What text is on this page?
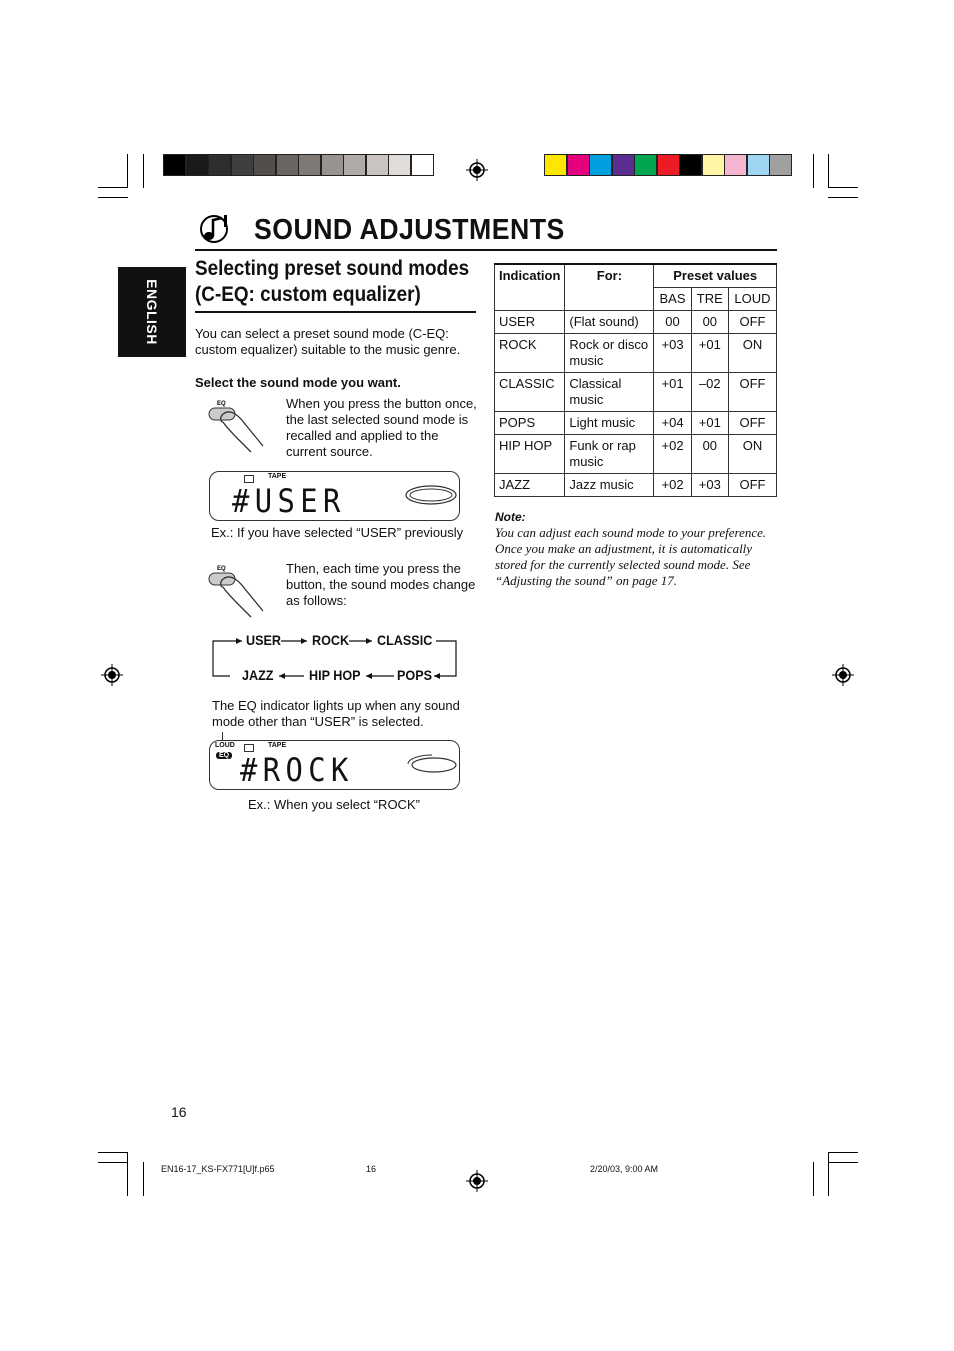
SOUND ADJUSTMENTS
ENGLISH
Selecting preset sound modes
(C-EQ: custom equalizer)
You can select a preset sound mode (C-EQ:
custom equalizer) suitable to the music genre.
Select the sound mode you want.
EQ	When you press the button once,
the last selected sound mode is
recalled and applied to the
current source.
TAPE
#USER
Ex.: If you have selected “USER” previously
EQ	Then, each time you press the
button, the sound modes change
as follows:
USER ROCK CLASSIC
JAZZ	HIP HOP	POPS
The EQ indicator lights up when any sound
mode other than “USER” is selected.
LOUD
EQ
TAPE
#ROCK
Ex.: When you select “ROCK”
Indication	For:	Preset values		
		BAS	TRE	LOUD
USER	(Flat sound)	00	00	OFF
ROCK	Rock or disco music	+03	+01	ON
CLASSIC	Classical music	+01	–02	OFF
POPS	Light music	+04	+01	OFF
HIP HOP	Funk or rap music	+02	00	ON
JAZZ	Jazz music	+02	+03	OFF
Note:
You can adjust each sound mode to your preference.
Once you make an adjustment, it is automatically
stored for the currently selected sound mode. See
“Adjusting the sound” on page 17.
16
EN16-17_KS-FX771[U]f.p65	16	2/20/03, 9:00 AM
